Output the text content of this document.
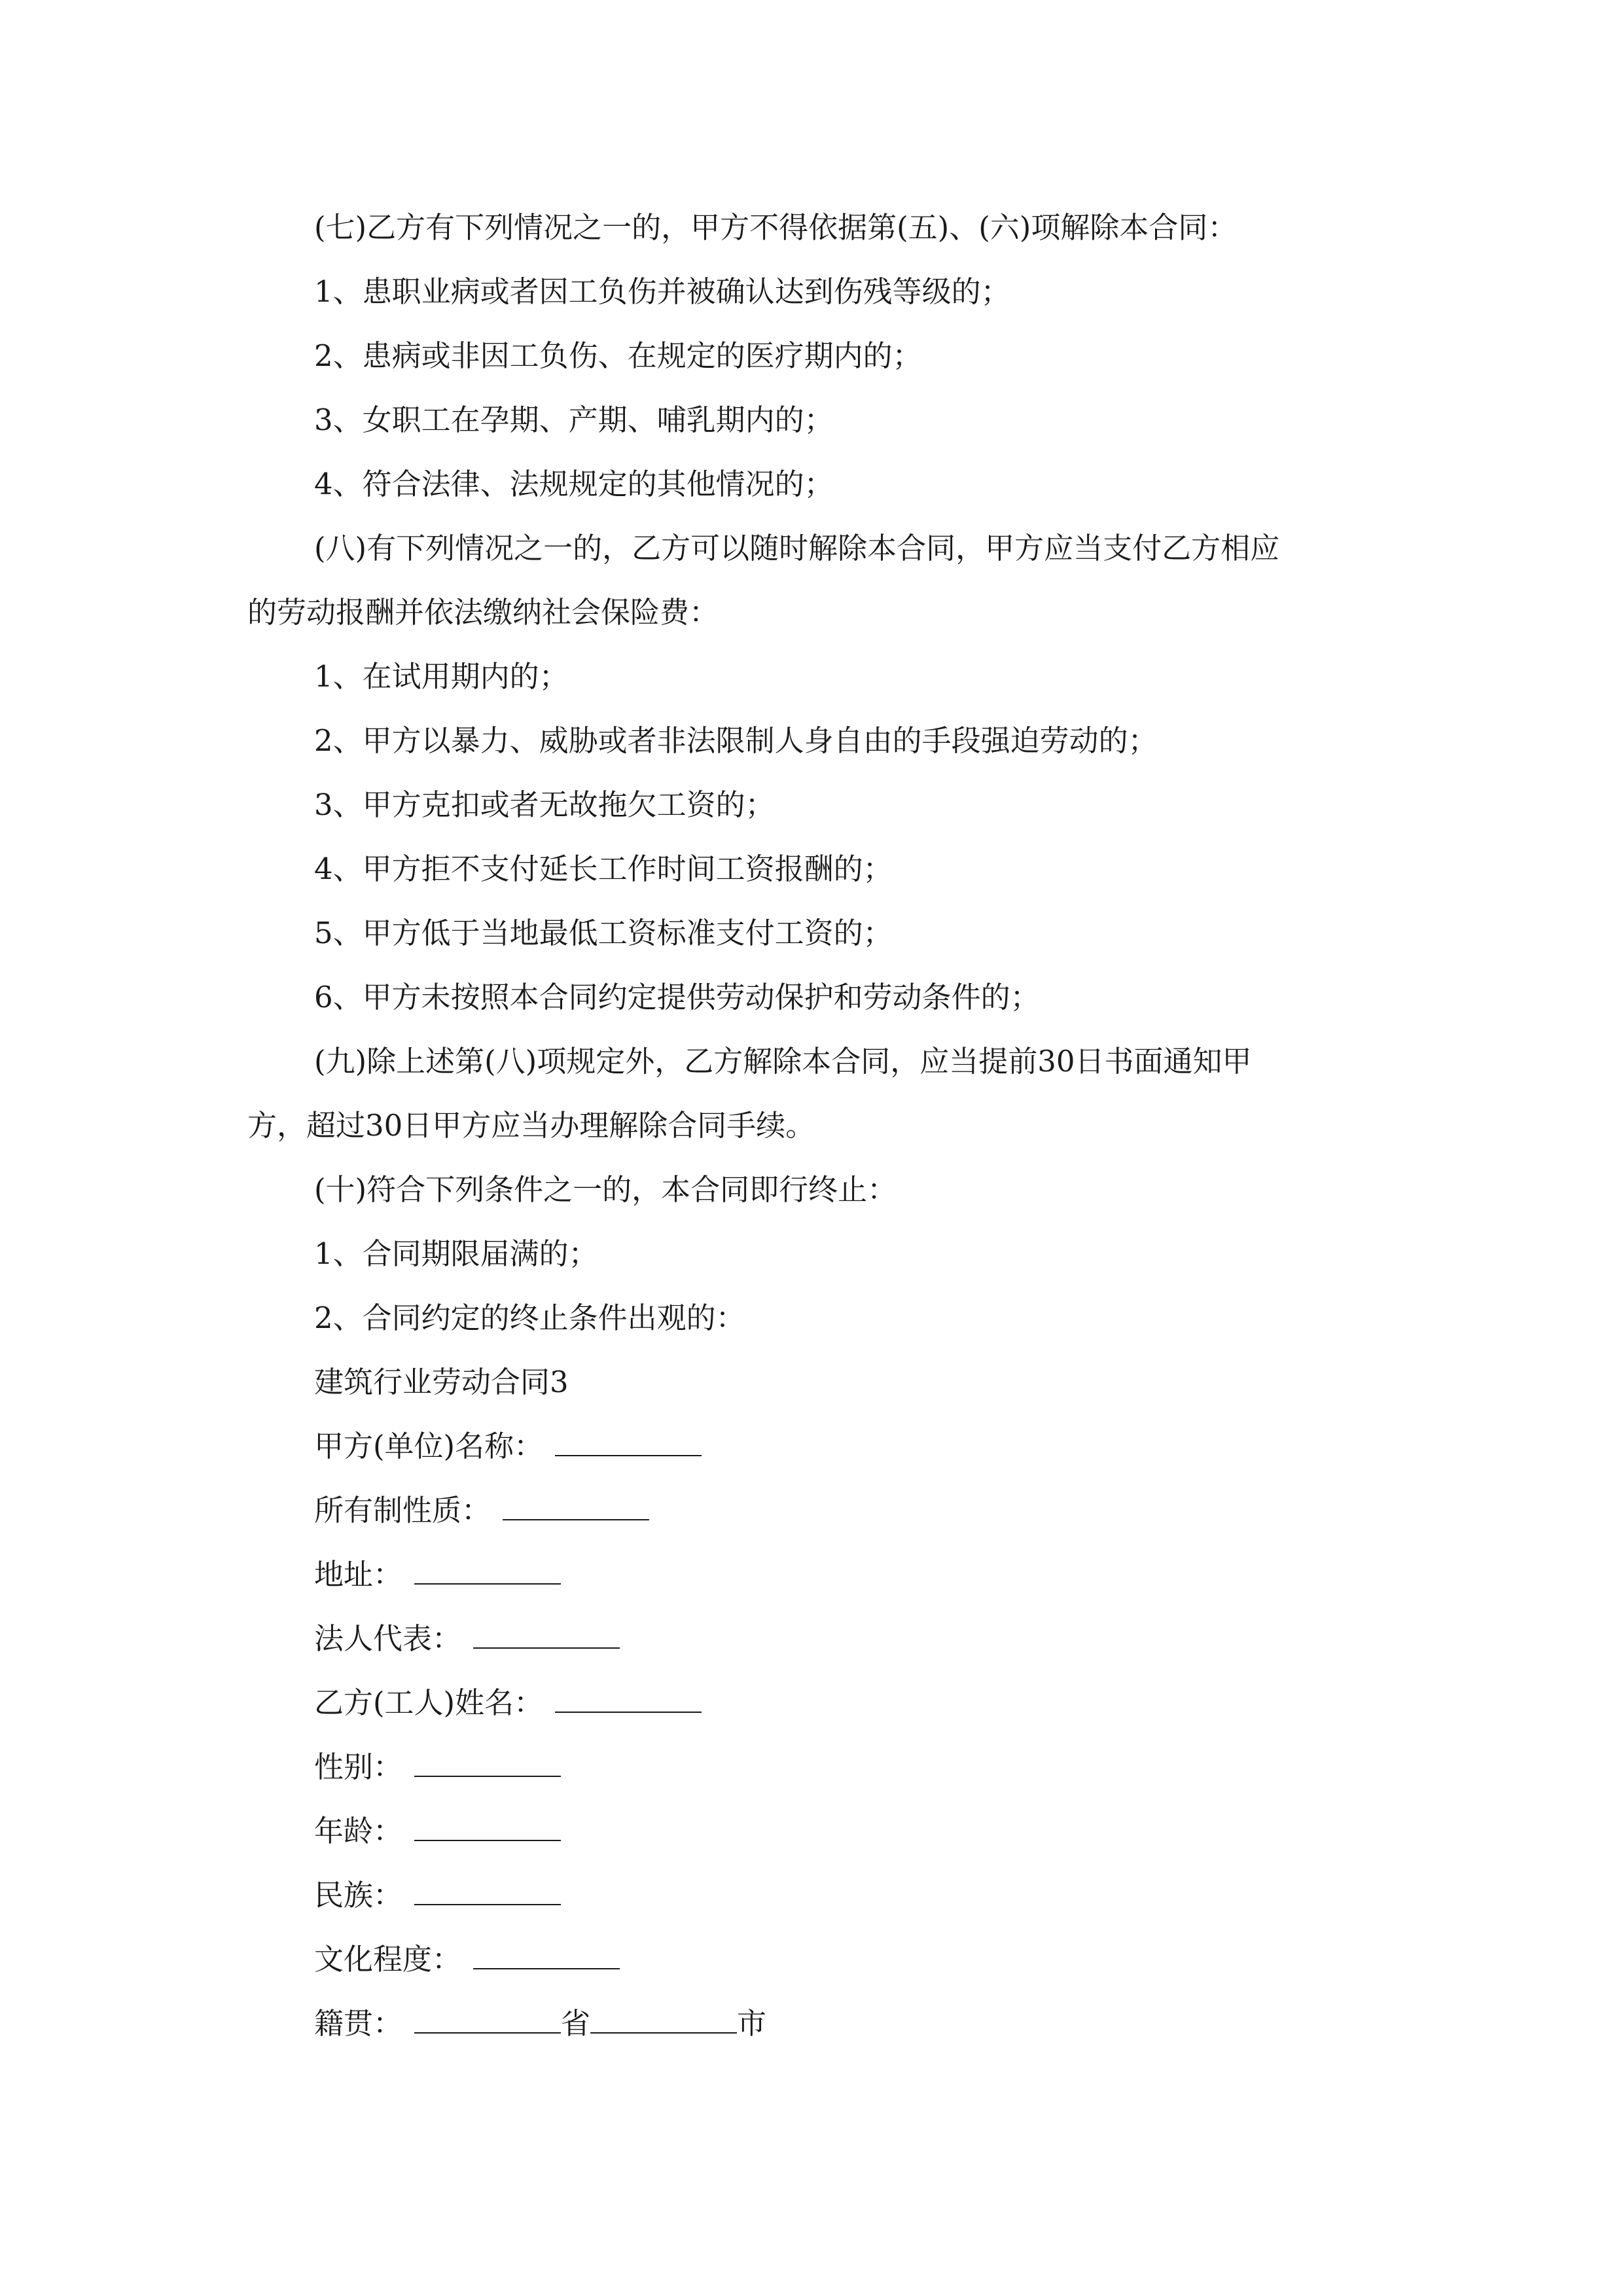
(七)乙方有下列情况之一的，甲方不得依据第(五)、(六)项解除本合同：
1、患职业病或者因工负伤并被确认达到伤残等级的；
2、患病或非因工负伤、在规定的医疗期内的；
3、女职工在孕期、产期、哺乳期内的；
4、符合法律、法规规定的其他情况的；
(八)有下列情况之一的，乙方可以随时解除本合同，甲方应当支付乙方相应
的劳动报酬并依法缴纳社会保险费：
1、在试用期内的；
2、甲方以暴力、威胁或者非法限制人身自由的手段强迫劳动的；
3、甲方克扣或者无故拖欠工资的；
4、甲方拒不支付延长工作时间工资报酬的；
5、甲方低于当地最低工资标准支付工资的；
6、甲方未按照本合同约定提供劳动保护和劳动条件的；
(九)除上述第(八)项规定外，乙方解除本合同，应当提前30日书面通知甲
方，超过30日甲方应当办理解除合同手续。
(十)符合下列条件之一的，本合同即行终止：
1、合同期限届满的；
2、合同约定的终止条件出观的：
建筑行业劳动合同3
甲方(单位)名称：
所有制性质：
地址：
法人代表：
乙方(工人)姓名：
性别：
年龄：
民族：
文化程度：
籍贯：	省	市
